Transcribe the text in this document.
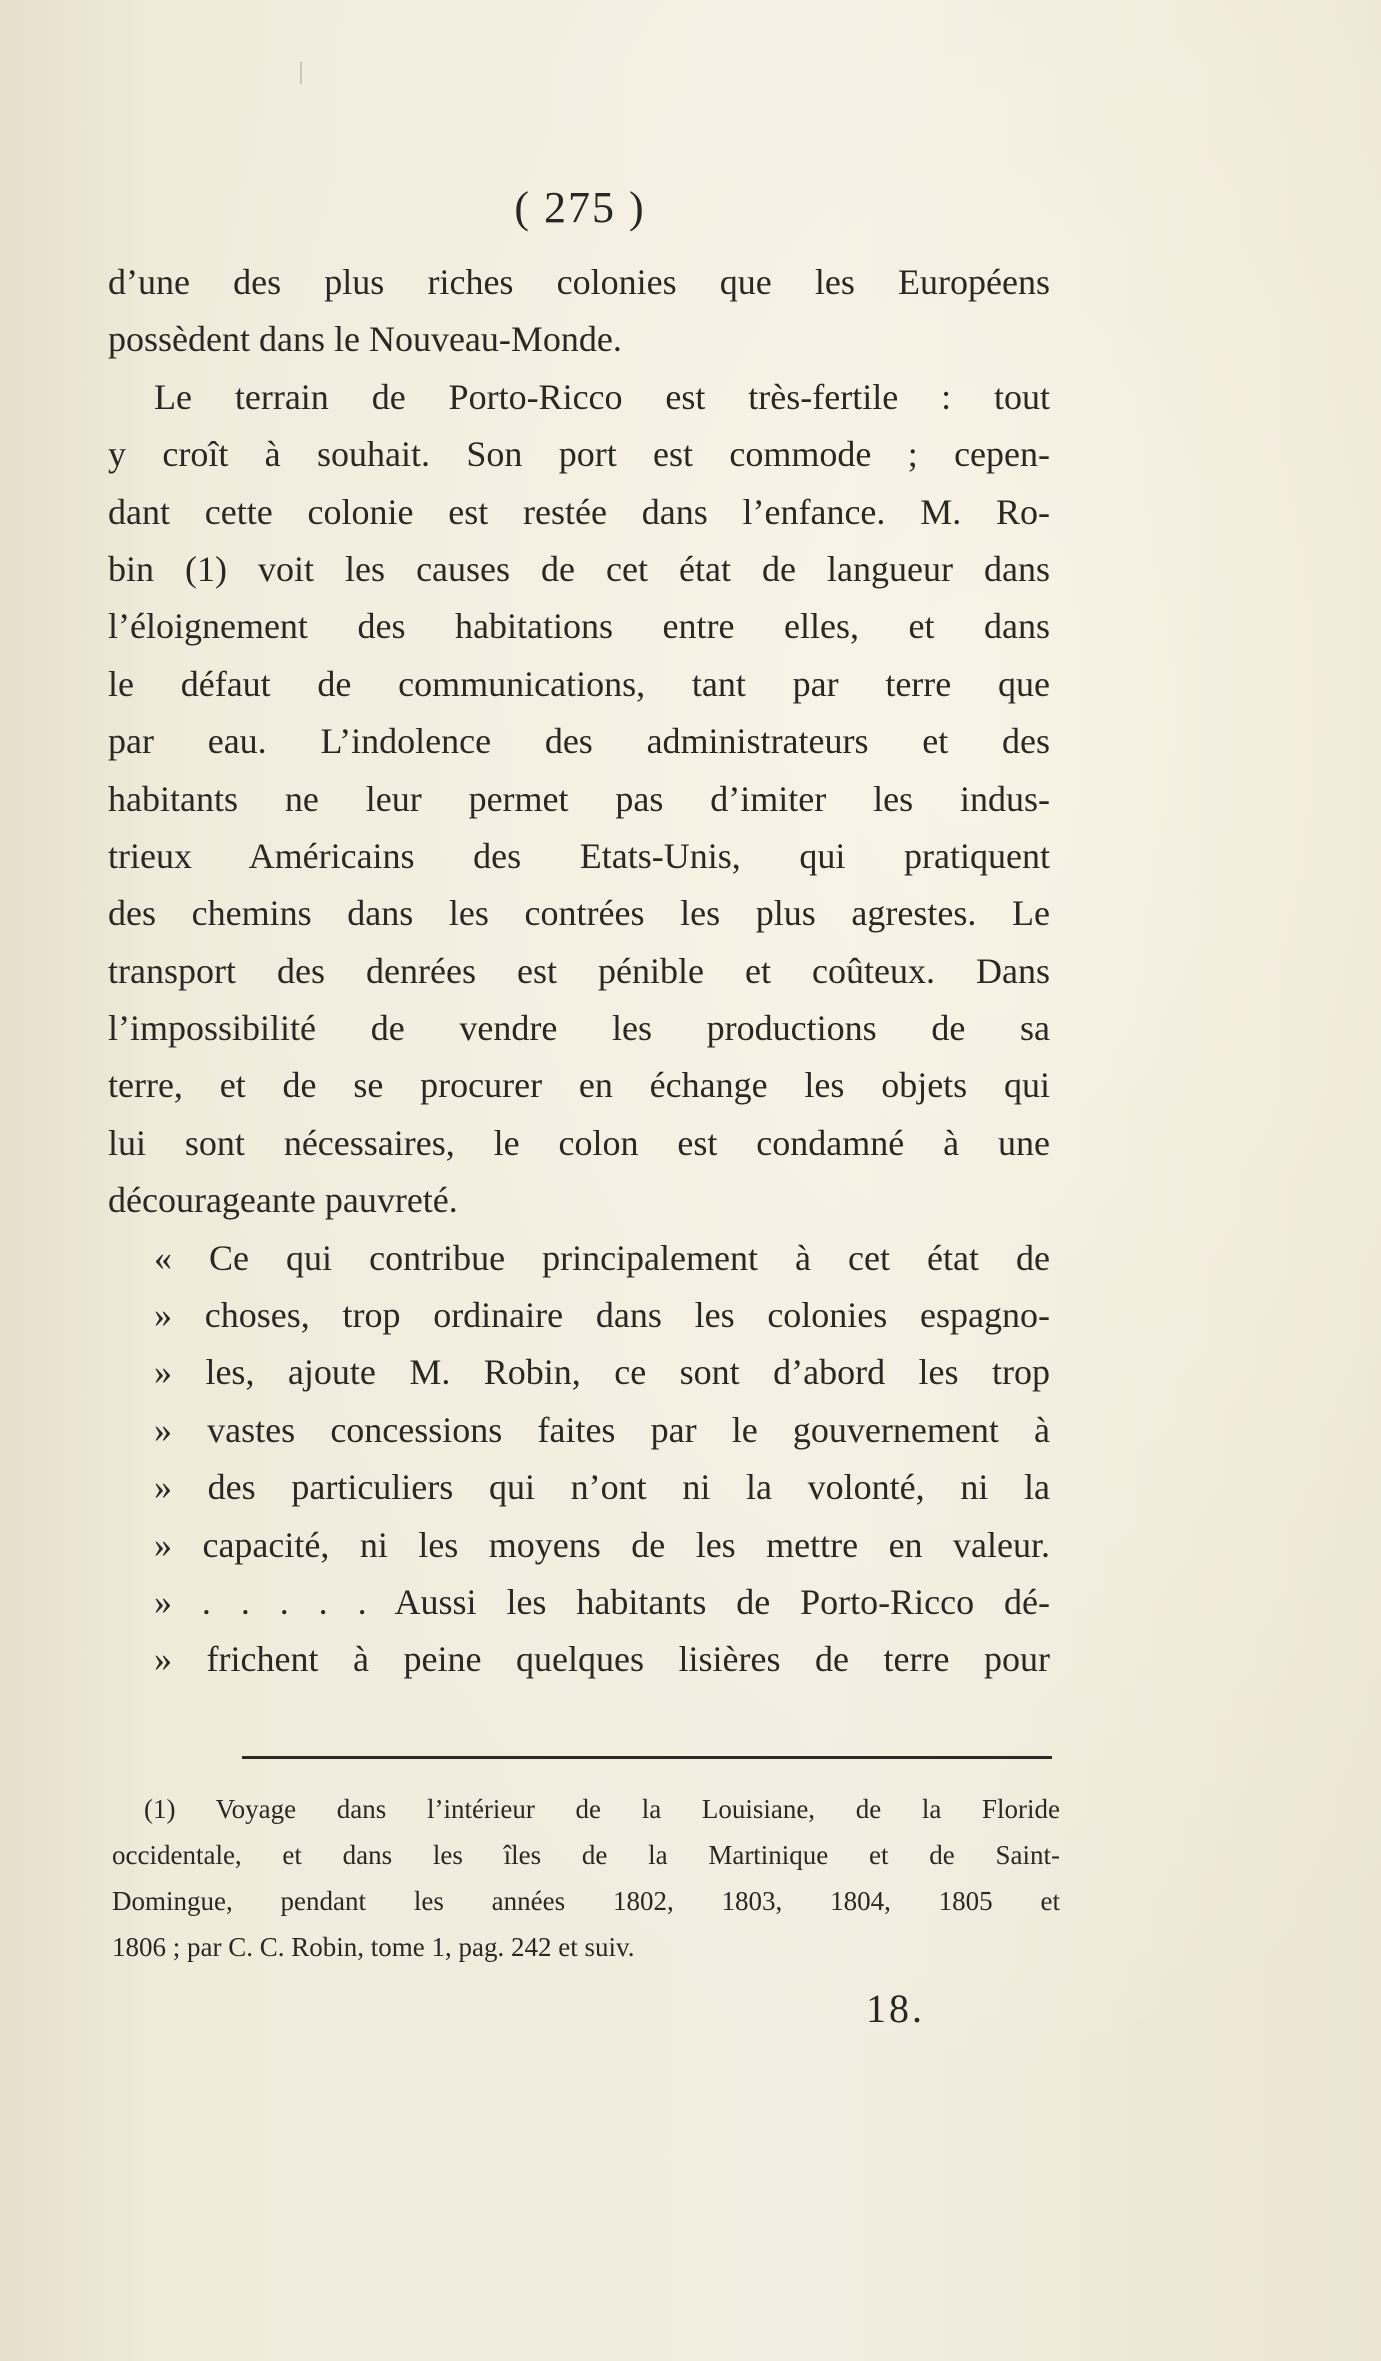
( 275 )
d’une des plus riches colonies que les Européens
possèdent dans le Nouveau-Monde.
Le terrain de Porto-Ricco est très-fertile : tout
y croît à souhait. Son port est commode ; cepen-
dant cette colonie est restée dans l’enfance. M. Ro-
bin (1) voit les causes de cet état de langueur dans
l’éloignement des habitations entre elles, et dans
le défaut de communications, tant par terre que
par eau. L’indolence des administrateurs et des
habitants ne leur permet pas d’imiter les indus-
trieux Américains des Etats-Unis, qui pratiquent
des chemins dans les contrées les plus agrestes. Le
transport des denrées est pénible et coûteux. Dans
l’impossibilité de vendre les productions de sa
terre, et de se procurer en échange les objets qui
lui sont nécessaires, le colon est condamné à une
décourageante pauvreté.
« Ce qui contribue principalement à cet état de
» choses, trop ordinaire dans les colonies espagno-
» les, ajoute M. Robin, ce sont d’abord les trop
» vastes concessions faites par le gouvernement à
» des particuliers qui n’ont ni la volonté, ni la
» capacité, ni les moyens de les mettre en valeur.
» . . . . . Aussi les habitants de Porto-Ricco dé-
» frichent à peine quelques lisières de terre pour
(1) Voyage dans l’intérieur de la Louisiane, de la Floride
occidentale, et dans les îles de la Martinique et de Saint-
Domingue, pendant les années 1802, 1803, 1804, 1805 et
1806 ; par C. C. Robin, tome 1, pag. 242 et suiv.
18.
